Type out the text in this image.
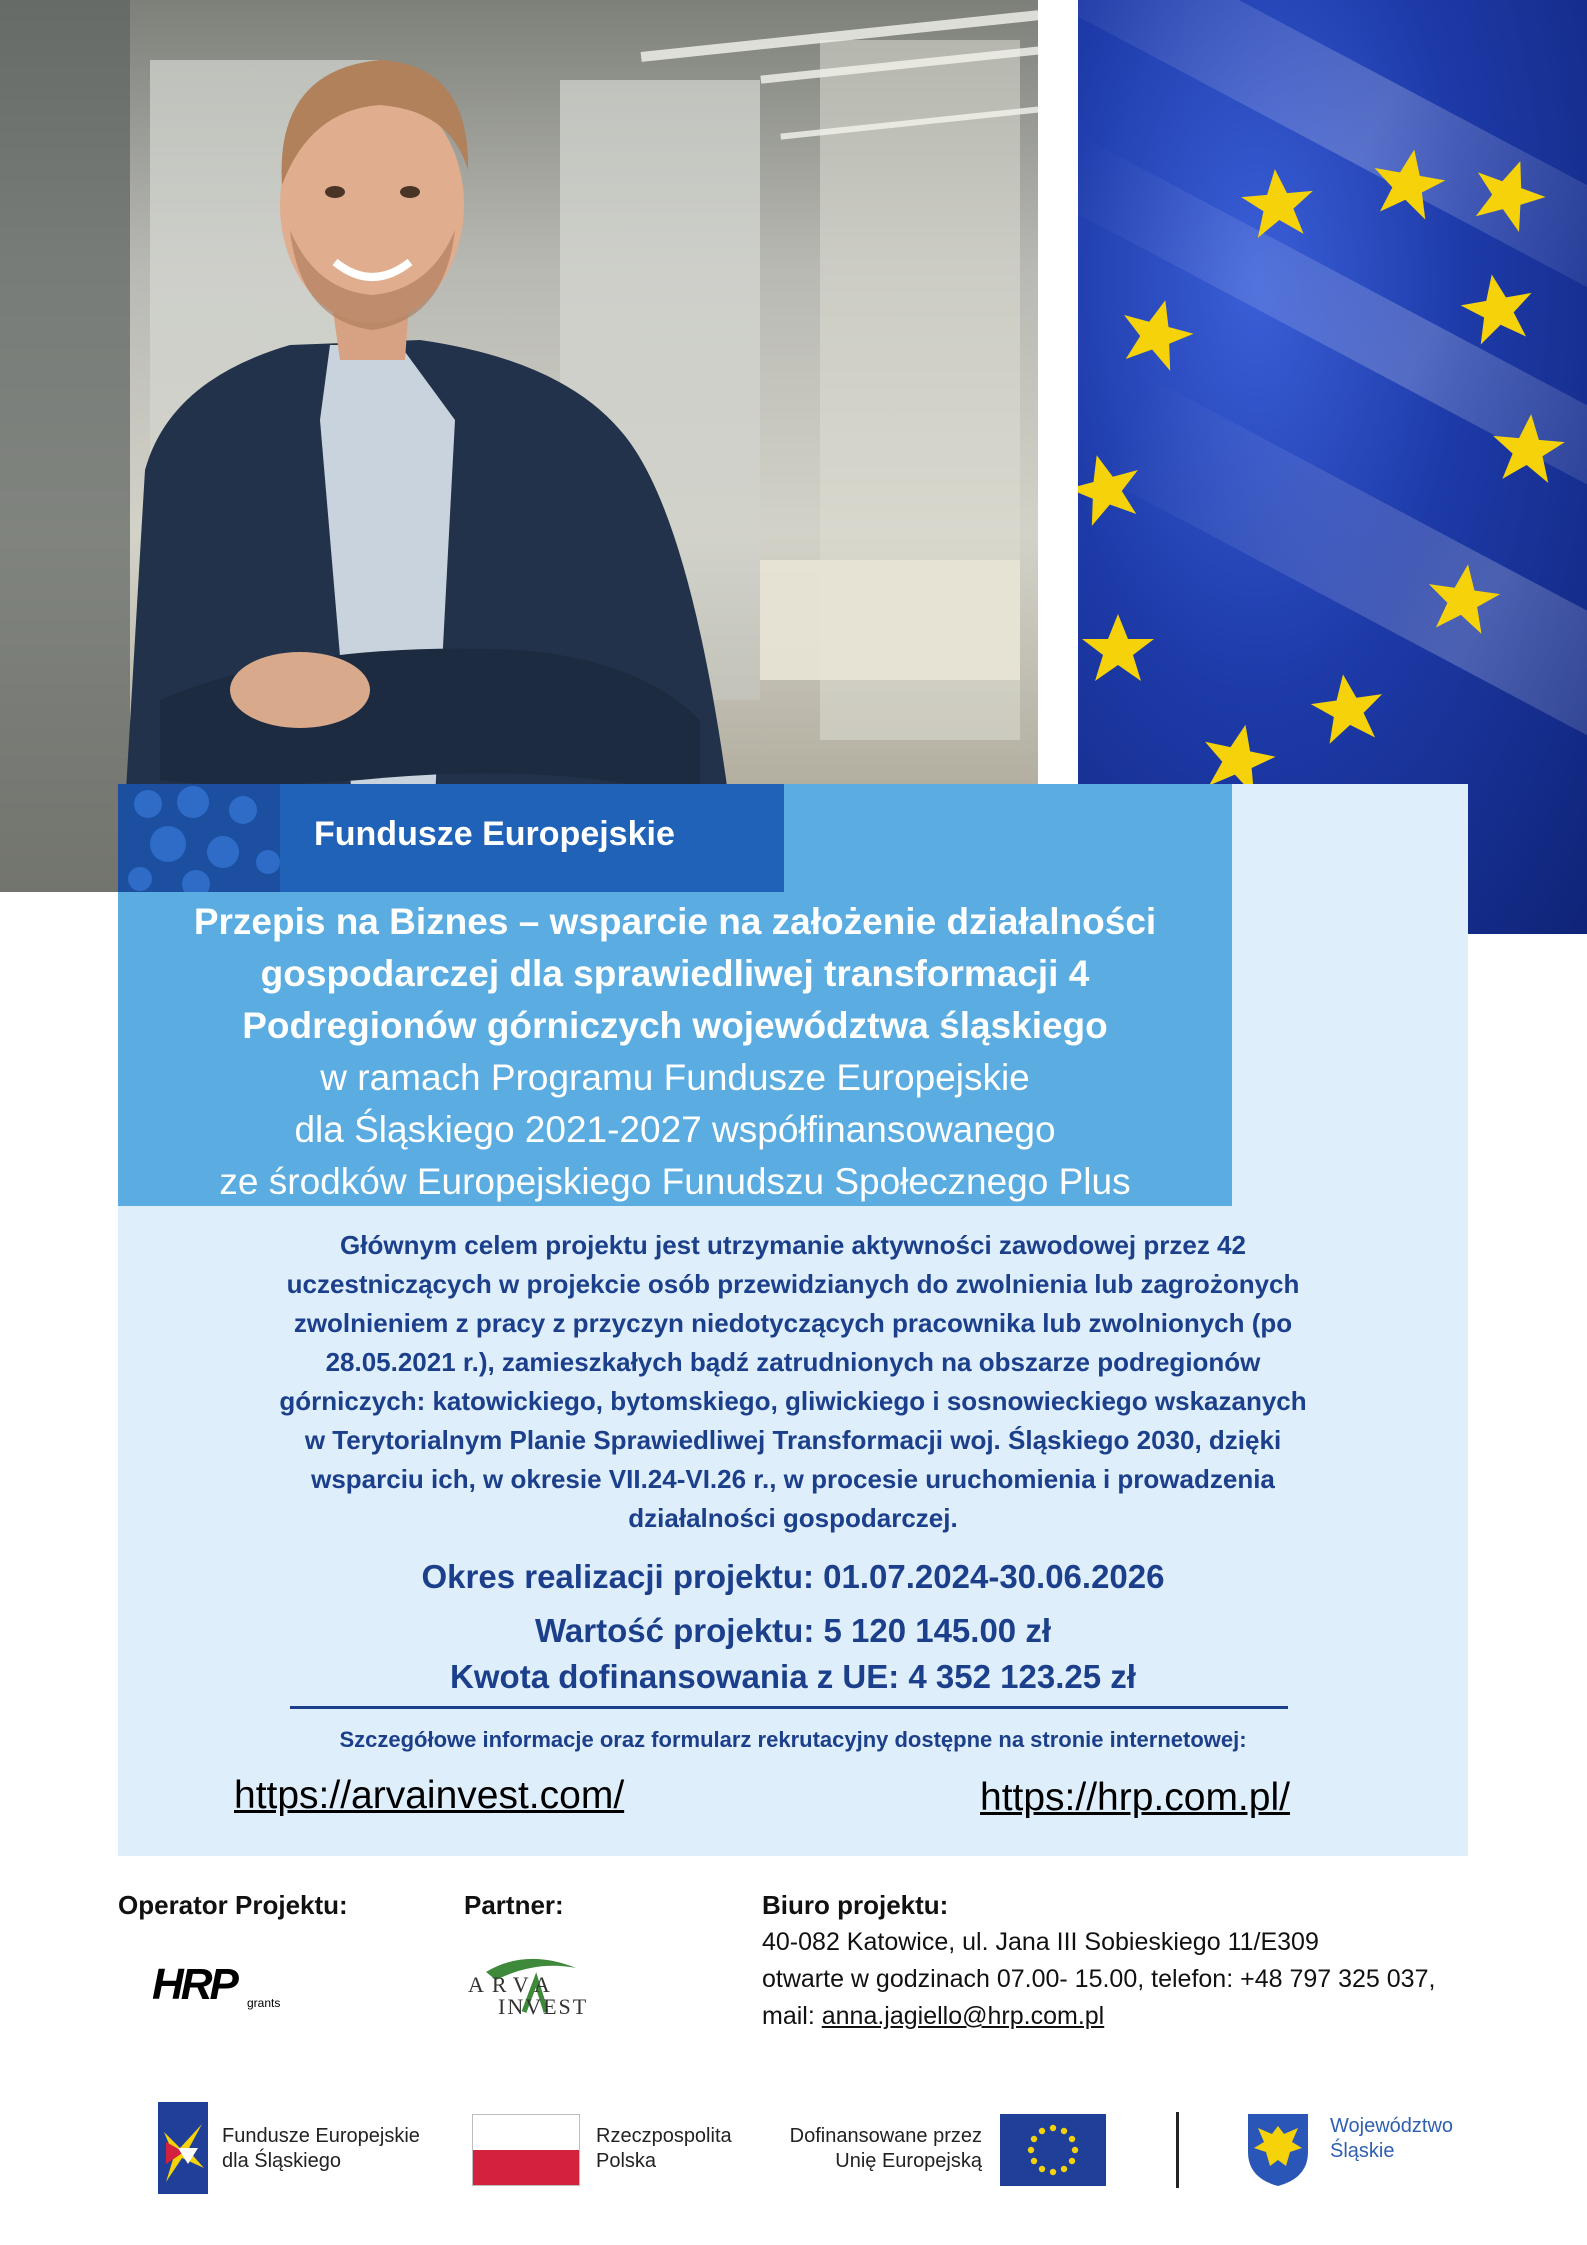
Fundusze Europejskie
Przepis na Biznes – wsparcie na założenie działalności
gospodarczej dla sprawiedliwej transformacji 4
Podregionów górniczych województwa śląskiego
w ramach Programu Fundusze Europejskie
dla Śląskiego 2021-2027 współfinansowanego
ze środków Europejskiego Funudszu Społecznego Plus
Głównym celem projektu jest utrzymanie aktywności zawodowej przez 42
uczestniczących w projekcie osób przewidzianych do zwolnienia lub zagrożonych
zwolnieniem z pracy z przyczyn niedotyczących pracownika lub zwolnionych (po
28.05.2021 r.), zamieszkałych bądź zatrudnionych na obszarze podregionów
górniczych: katowickiego, bytomskiego, gliwickiego i sosnowieckiego wskazanych
w Terytorialnym Planie Sprawiedliwej Transformacji woj. Śląskiego 2030, dzięki
wsparciu ich, w okresie VII.24-VI.26 r., w procesie uruchomienia i prowadzenia
działalności gospodarczej.
Okres realizacji projektu: 01.07.2024-30.06.2026
Wartość projektu: 5 120 145.00 zł
Kwota dofinansowania z UE: 4 352 123.25 zł
Szczegółowe informacje oraz formularz rekrutacyjny dostępne na stronie internetowej:
https://arvainvest.com/	https://hrp.com.pl/
Operator Projektu:
HRP grants
Partner:
ARVA
INVEST
Biuro projektu:
40-082 Katowice, ul. Jana III Sobieskiego 11/E309
otwarte w godzinach 07.00- 15.00, telefon: +48 797 325 037,
mail: anna.jagiello@hrp.com.pl
Fundusze Europejskie
dla Śląskiego
Rzeczpospolita
Polska
Dofinansowane przez
Unię Europejską
Województwo
Śląskie
